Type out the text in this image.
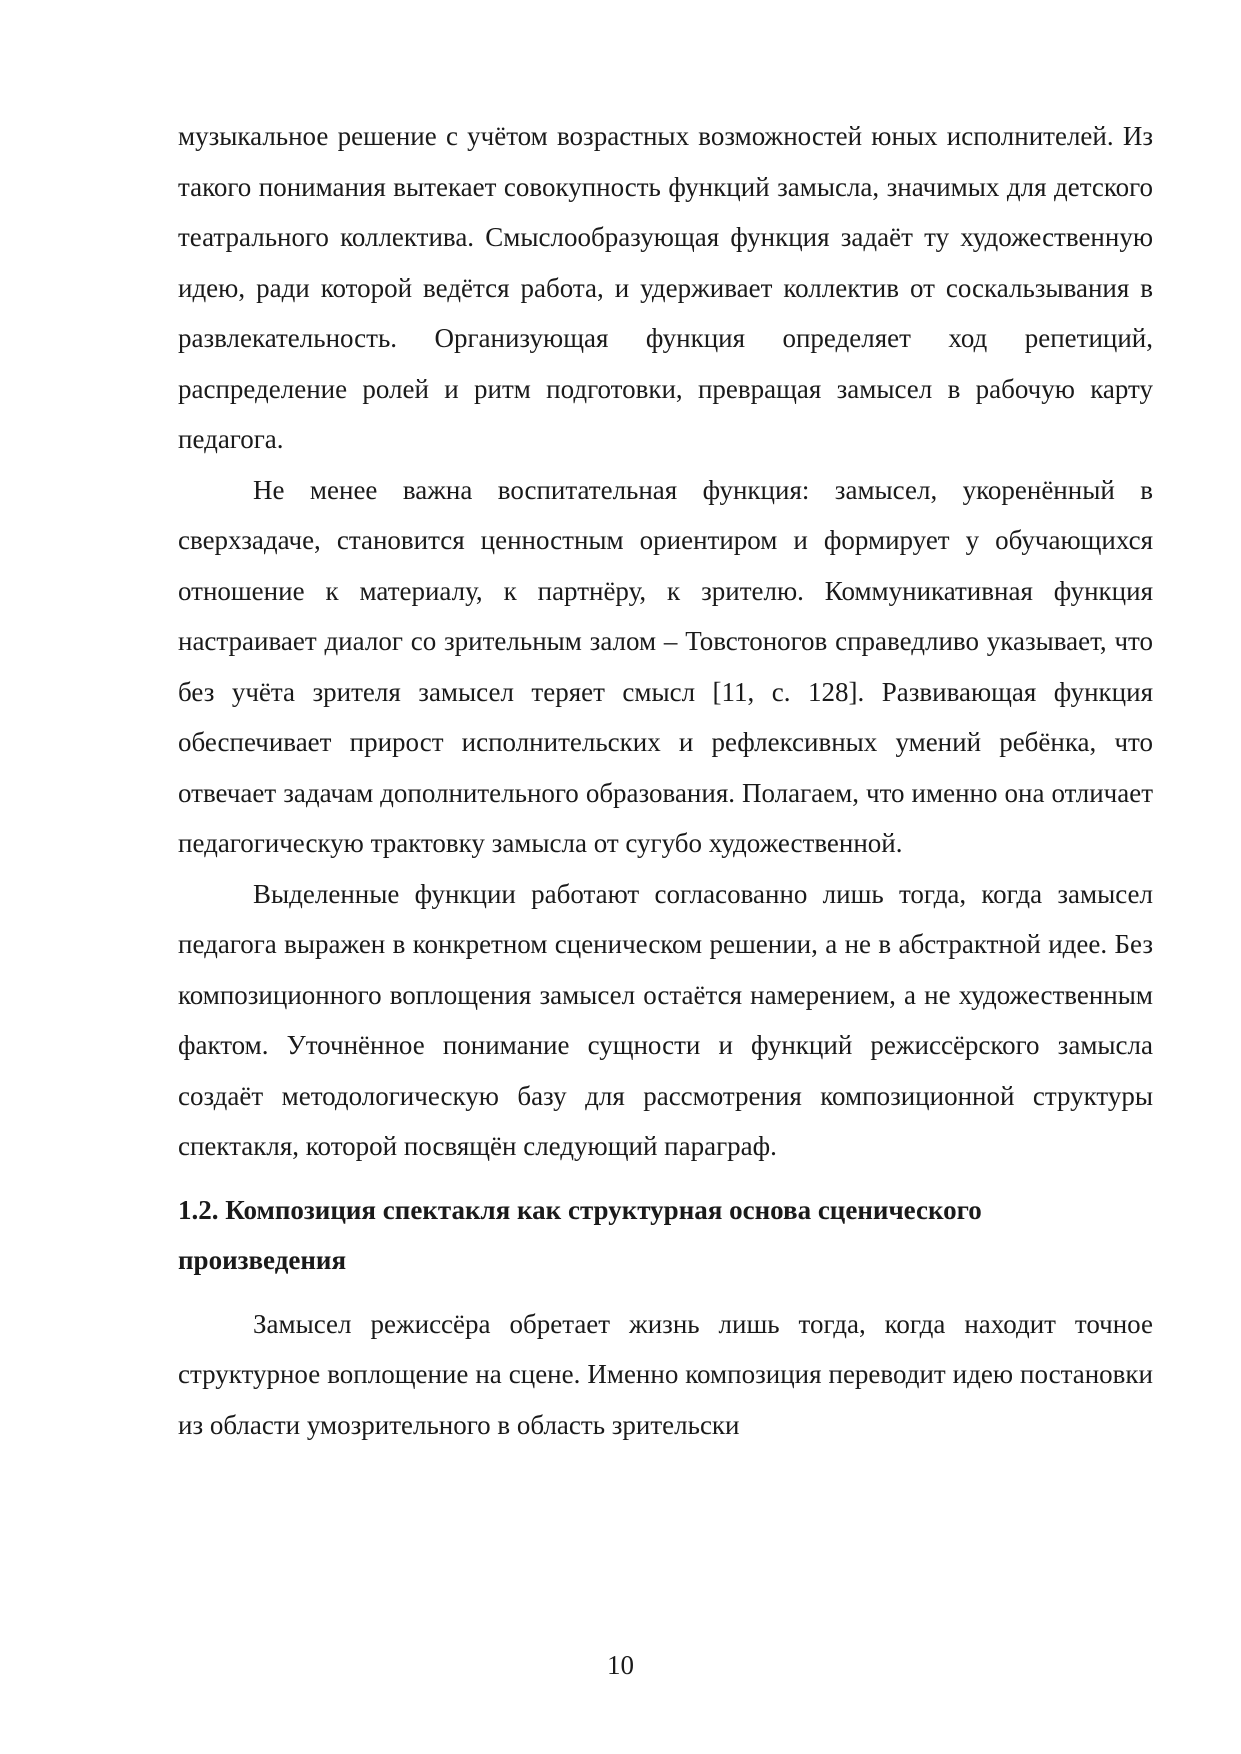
музыкальное решение с учётом возрастных возможностей юных исполнителей. Из такого понимания вытекает совокупность функций замысла, значимых для детского театрального коллектива. Смыслообразующая функция задаёт ту художественную идею, ради которой ведётся работа, и удерживает коллектив от соскальзывания в развлекательность. Организующая функция определяет ход репетиций, распределение ролей и ритм подготовки, превращая замысел в рабочую карту педагога.

Не менее важна воспитательная функция: замысел, укоренённый в сверхзадаче, становится ценностным ориентиром и формирует у обучающихся отношение к материалу, к партнёру, к зрителю. Коммуникативная функция настраивает диалог со зрительным залом – Товстоногов справедливо указывает, что без учёта зрителя замысел теряет смысл [11, с. 128]. Развивающая функция обеспечивает прирост исполнительских и рефлексивных умений ребёнка, что отвечает задачам дополнительного образования. Полагаем, что именно она отличает педагогическую трактовку замысла от сугубо художественной.

Выделенные функции работают согласованно лишь тогда, когда замысел педагога выражен в конкретном сценическом решении, а не в абстрактной идее. Без композиционного воплощения замысел остаётся намерением, а не художественным фактом. Уточнённое понимание сущности и функций режиссёрского замысла создаёт методологическую базу для рассмотрения композиционной структуры спектакля, которой посвящён следующий параграф.

1.2. Композиция спектакля как структурная основа сценического произведения

Замысел режиссёра обретает жизнь лишь тогда, когда находит точное структурное воплощение на сцене. Именно композиция переводит идею постановки из области умозрительного в область зрительски

10
